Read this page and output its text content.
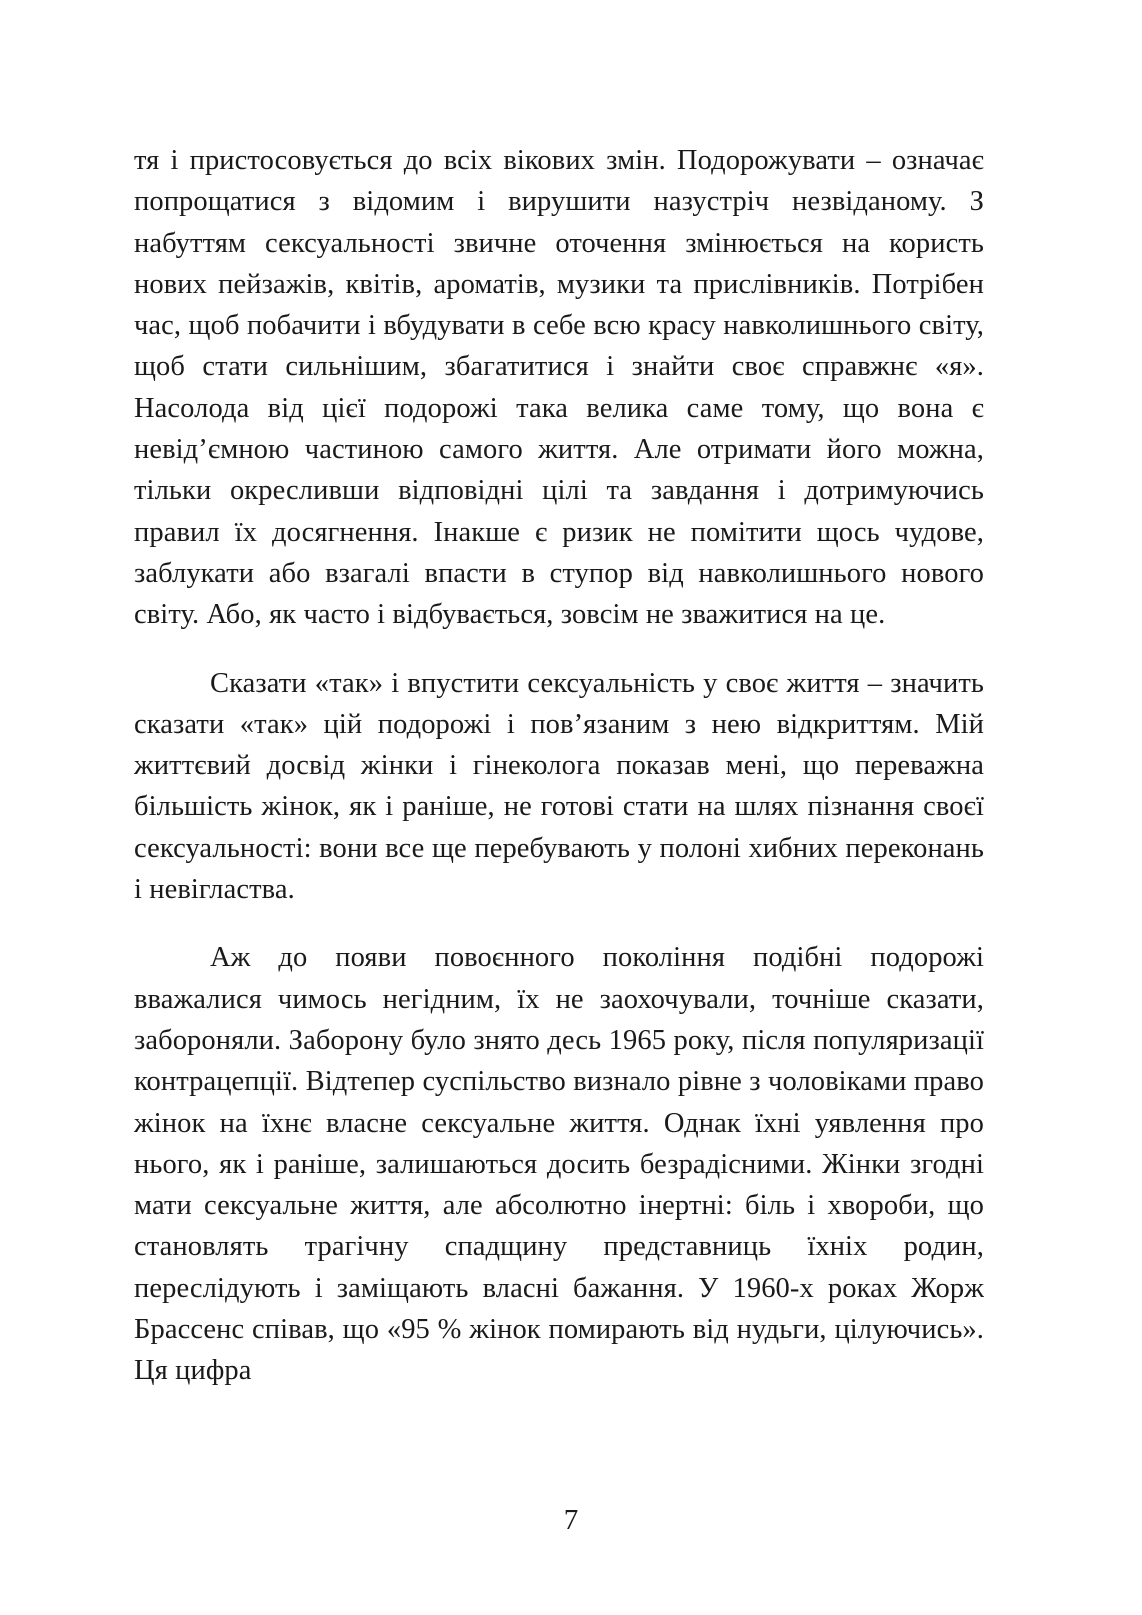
тя і пристосовується до всіх вікових змін. Подорожувати – означає попрощатися з відомим і вирушити назустріч незвіданому. З набуттям сексуальності звичне оточення змінюється на користь нових пейзажів, квітів, ароматів, музики та прислівників. Потрібен час, щоб побачити і вбудувати в себе всю красу навколишнього світу, щоб стати сильнішим, збагатитися і знайти своє справжнє «я». Насолода від цієї подорожі така велика саме тому, що вона є невід’ємною частиною самого життя. Але отримати його можна, тільки окресливши відповідні цілі та завдання і дотримуючись правил їх досягнення. Інакше є ризик не помітити щось чудове, заблукати або взагалі впасти в ступор від навколишнього нового світу. Або, як часто і відбувається, зовсім не зважитися на це.

Сказати «так» і впустити сексуальність у своє життя – значить сказати «так» цій подорожі і пов’язаним з нею відкриттям. Мій життєвий досвід жінки і гінеколога показав мені, що переважна більшість жінок, як і раніше, не готові стати на шлях пізнання своєї сексуальності: вони все ще перебувають у полоні хибних переконань і невігластва.

Аж до появи повоєнного покоління подібні подорожі вважалися чимось негідним, їх не заохочували, точніше сказати, забороняли. Заборону було знято десь 1965 року, після популяризації контрацепції. Відтепер суспільство визнало рівне з чоловіками право жінок на їхнє власне сексуальне життя. Однак їхні уявлення про нього, як і раніше, залишаються досить безрадісними. Жінки згодні мати сексуальне життя, але абсолютно інертні: біль і хвороби, що становлять трагічну спадщину представниць їхніх родин, переслідують і заміщають власні бажання. У 1960-х роках Жорж Брассенс співав, що «95 % жінок помирають від нудьги, цілуючись». Ця цифра

7
